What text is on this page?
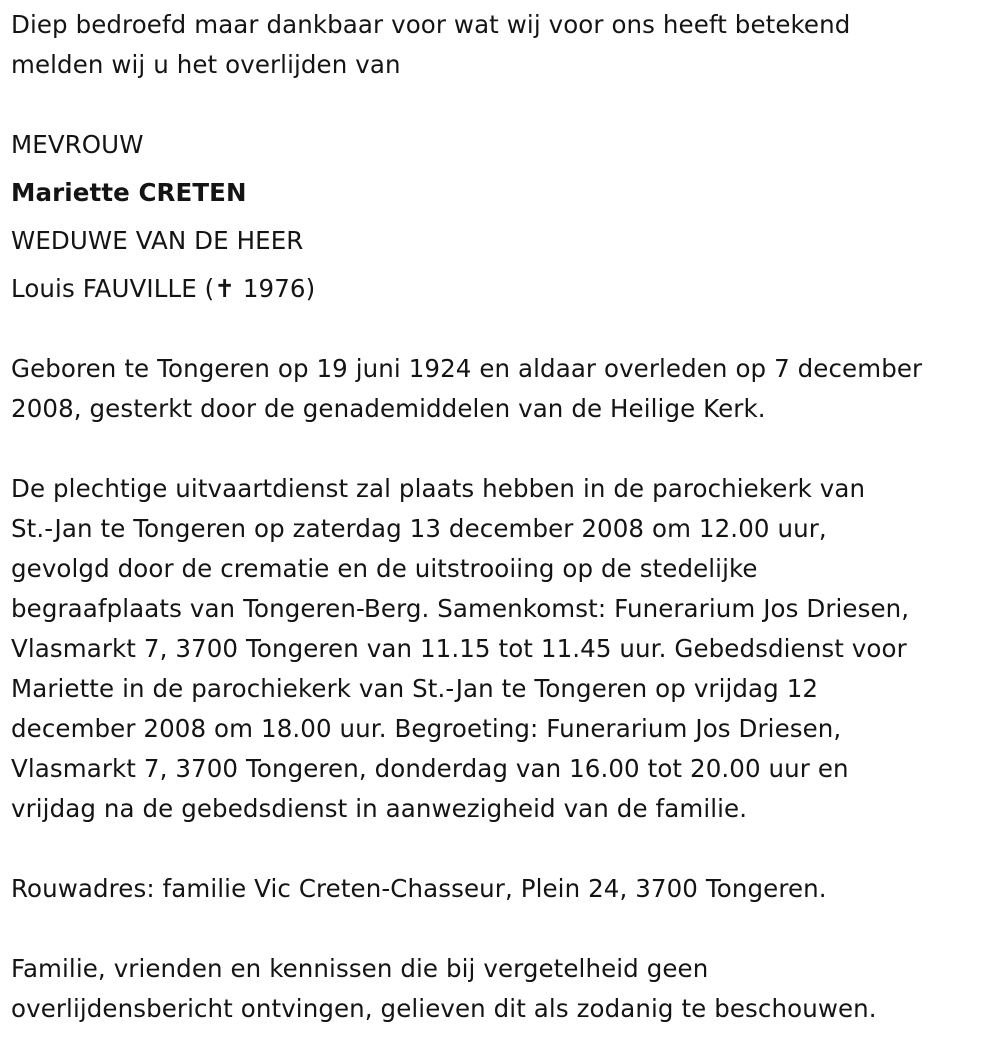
Diep bedroefd maar dankbaar voor wat wij voor ons heeft betekend
melden wij u het overlijden van
MEVROUW
Mariette CRETEN
WEDUWE VAN DE HEER
Louis FAUVILLE (✝ 1976)
Geboren te Tongeren op 19 juni 1924 en aldaar overleden op 7 december
2008, gesterkt door de genademiddelen van de Heilige Kerk.
De plechtige uitvaartdienst zal plaats hebben in de parochiekerk van
St.-Jan te Tongeren op zaterdag 13 december 2008 om 12.00 uur,
gevolgd door de crematie en de uitstrooiing op de stedelijke
begraafplaats van Tongeren-Berg. Samenkomst: Funerarium Jos Driesen,
Vlasmarkt 7, 3700 Tongeren van 11.15 tot 11.45 uur. Gebedsdienst voor
Mariette in de parochiekerk van St.-Jan te Tongeren op vrijdag 12
december 2008 om 18.00 uur. Begroeting: Funerarium Jos Driesen,
Vlasmarkt 7, 3700 Tongeren, donderdag van 16.00 tot 20.00 uur en
vrijdag na de gebedsdienst in aanwezigheid van de familie.
Rouwadres: familie Vic Creten-Chasseur, Plein 24, 3700 Tongeren.
Familie, vrienden en kennissen die bij vergetelheid geen
overlijdensbericht ontvingen, gelieven dit als zodanig te beschouwen.
